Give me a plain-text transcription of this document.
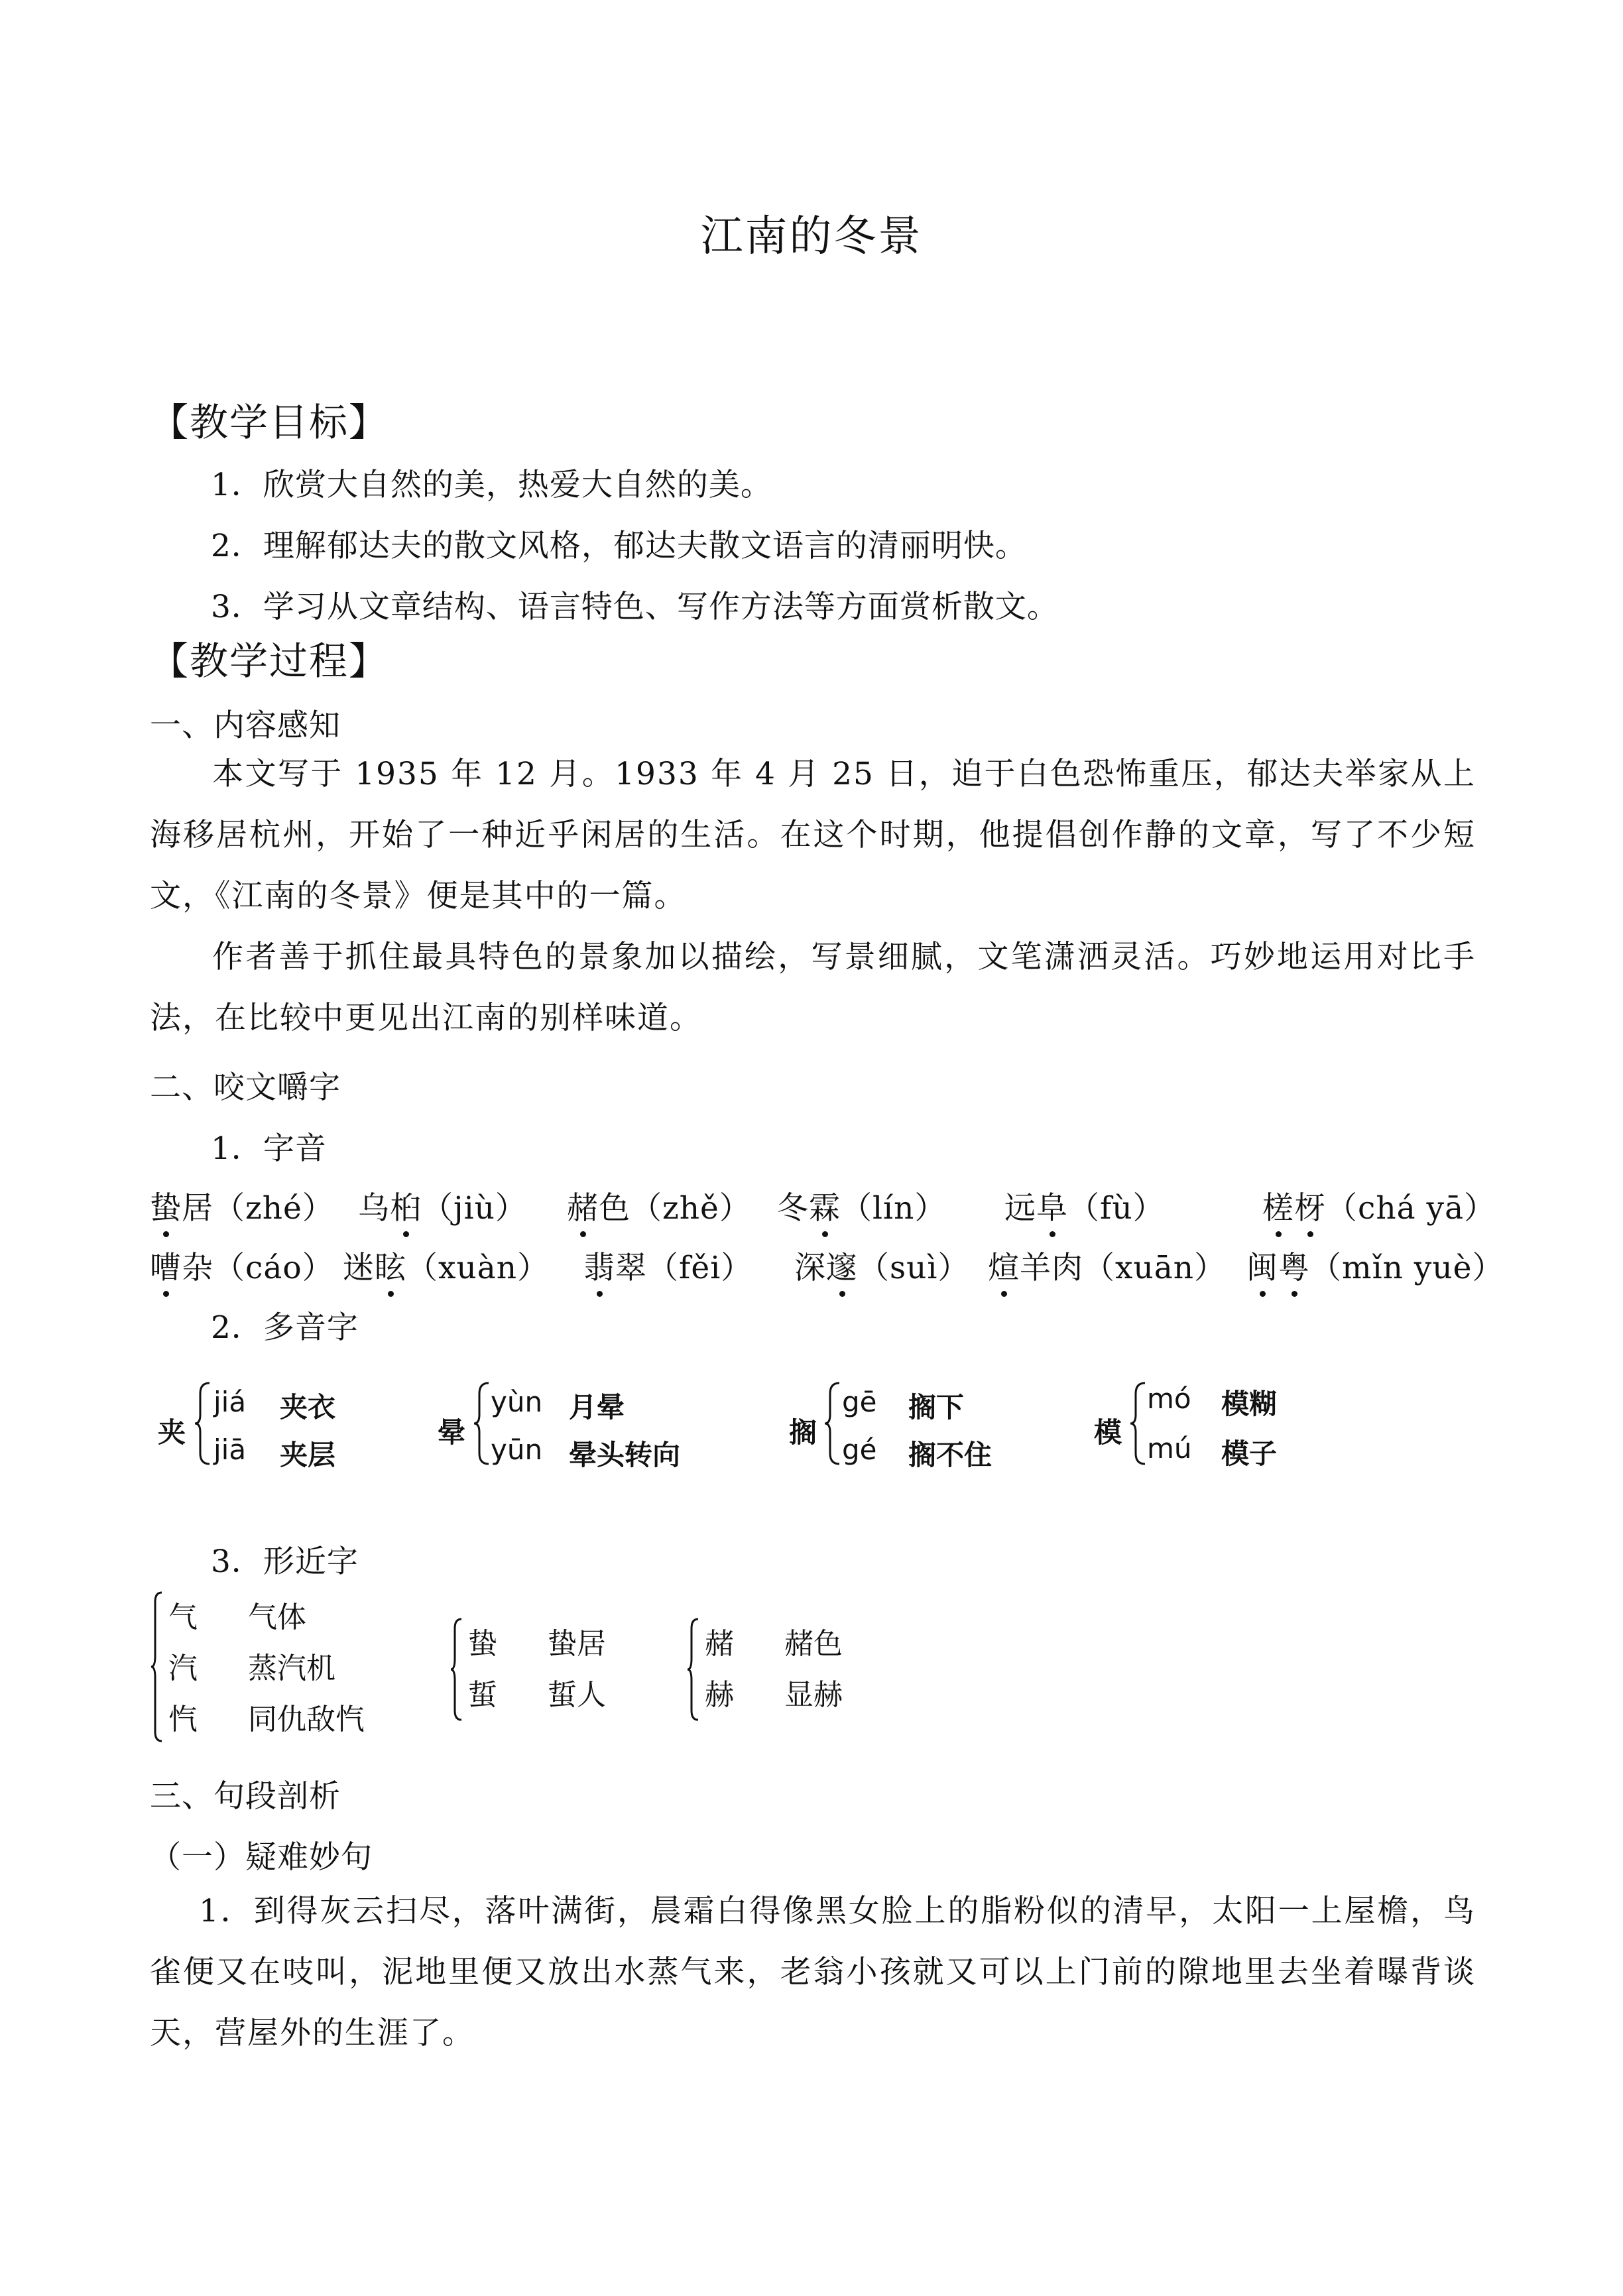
江南的冬景
【教学目标】
1．欣赏大自然的美，热爱大自然的美。
2．理解郁达夫的散文风格，郁达夫散文语言的清丽明快。
3．学习从文章结构、语言特色、写作方法等方面赏析散文。
【教学过程】
一、内容感知
本文写于 1935 年 12 月。1933 年 4 月 25 日，迫于白色恐怖重压，郁达夫举家从上海移居杭州，开始了一种近乎闲居的生活。在这个时期，他提倡创作静的文章，写了不少短文，《江南的冬景》便是其中的一篇。
作者善于抓住最具特色的景象加以描绘，写景细腻，文笔潇洒灵活。巧妙地运用对比手法，在比较中更见出江南的别样味道。
二、咬文嚼字
1．字音
蛰居（zhé） 乌桕（jiù） 赭色（zhě） 冬霖（lín） 远阜（fù）	槎枒（chá yā）
嘈杂（cáo） 迷眩（xuàn） 翡翠（fěi） 深邃（suì） 煊羊肉（xuān） 闽粤（mǐn yuè）
2．多音字
夹
jiá 夹衣
jiā 夹层
晕
yùn 月晕
yūn 晕头转向
搁
gē 搁下
gé 搁不住
模
mó 模糊
mú 模子
3．形近字
气 气体
汽 蒸汽机
忾 同仇敌忾
蛰 蛰居
蜇 蜇人
赭 赭色
赫 显赫
三、句段剖析
（一）疑难妙句
1．到得灰云扫尽，落叶满街，晨霜白得像黑女脸上的脂粉似的清早，太阳一上屋檐，鸟雀便又在吱叫，泥地里便又放出水蒸气来，老翁小孩就又可以上门前的隙地里去坐着曝背谈天，营屋外的生涯了。
